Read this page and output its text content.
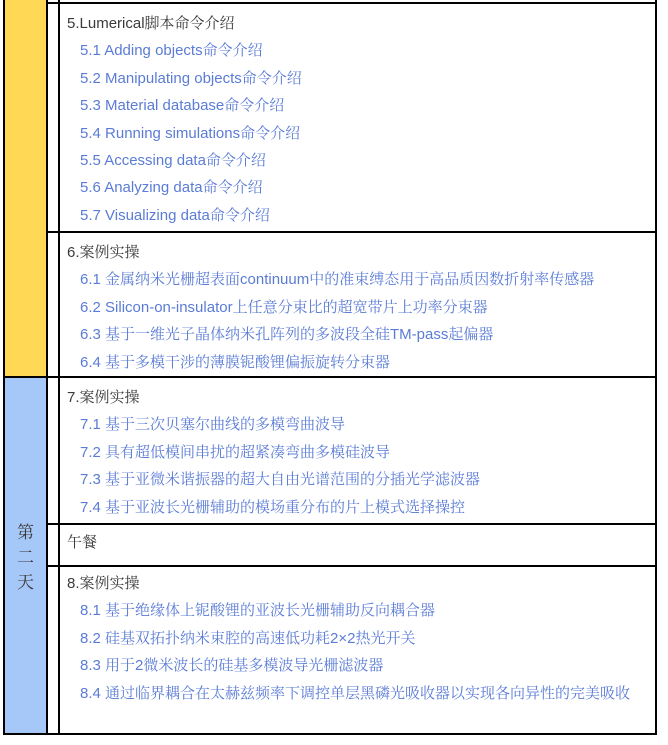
第
二
天
5.Lumerical脚本命令介绍
5.1 Adding objects命令介绍
5.2 Manipulating objects命令介绍
5.3 Material database命令介绍
5.4 Running simulations命令介绍
5.5 Accessing data命令介绍
5.6 Analyzing data命令介绍
5.7 Visualizing data命令介绍
6.案例实操
6.1 金属纳米光栅超表面continuum中的准束缚态用于高品质因数折射率传感器
6.2 Silicon-on-insulator上任意分束比的超宽带片上功率分束器
6.3 基于一维光子晶体纳米孔阵列的多波段全硅TM-pass起偏器
6.4 基于多模干涉的薄膜铌酸锂偏振旋转分束器
7.案例实操
7.1 基于三次贝塞尔曲线的多模弯曲波导
7.2 具有超低模间串扰的超紧凑弯曲多模硅波导
7.3 基于亚微米谐振器的超大自由光谱范围的分插光学滤波器
7.4 基于亚波长光栅辅助的模场重分布的片上模式选择操控
午餐
8.案例实操
8.1 基于绝缘体上铌酸锂的亚波长光栅辅助反向耦合器
8.2 硅基双拓扑纳米束腔的高速低功耗2×2热光开关
8.3 用于2微米波长的硅基多模波导光栅滤波器
8.4 通过临界耦合在太赫兹频率下调控单层黑磷光吸收器以实现各向异性的完美吸收
